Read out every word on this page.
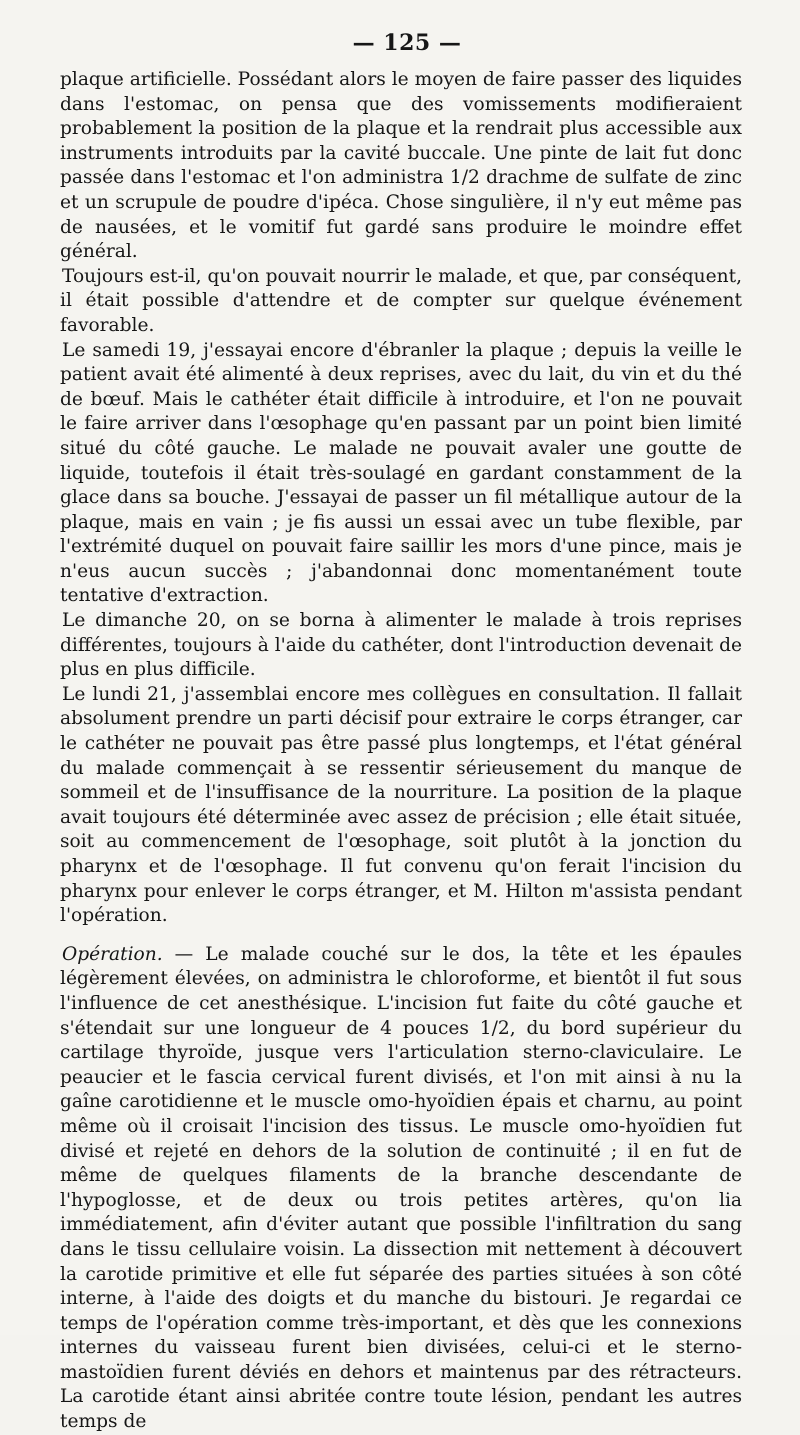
— 125 —

plaque artificielle. Possédant alors le moyen de faire passer des liquides dans l'estomac, on pensa que des vomissements modifieraient probablement la position de la plaque et la rendrait plus accessible aux instruments introduits par la cavité buccale. Une pinte de lait fut donc passée dans l'estomac et l'on administra 1/2 drachme de sulfate de zinc et un scrupule de poudre d'ipéca. Chose singulière, il n'y eut même pas de nausées, et le vomitif fut gardé sans produire le moindre effet général.

Toujours est-il, qu'on pouvait nourrir le malade, et que, par conséquent, il était possible d'attendre et de compter sur quelque événement favorable.

Le samedi 19, j'essayai encore d'ébranler la plaque ; depuis la veille le patient avait été alimenté à deux reprises, avec du lait, du vin et du thé de bœuf. Mais le cathéter était difficile à introduire, et l'on ne pouvait le faire arriver dans l'œsophage qu'en passant par un point bien limité situé du côté gauche. Le malade ne pouvait avaler une goutte de liquide, toutefois il était très-soulagé en gardant constamment de la glace dans sa bouche. J'essayai de passer un fil métallique autour de la plaque, mais en vain ; je fis aussi un essai avec un tube flexible, par l'extrémité duquel on pouvait faire saillir les mors d'une pince, mais je n'eus aucun succès ; j'abandonnai donc momentanément toute tentative d'extraction.

Le dimanche 20, on se borna à alimenter le malade à trois reprises différentes, toujours à l'aide du cathéter, dont l'introduction devenait de plus en plus difficile.

Le lundi 21, j'assemblai encore mes collègues en consultation. Il fallait absolument prendre un parti décisif pour extraire le corps étranger, car le cathéter ne pouvait pas être passé plus longtemps, et l'état général du malade commençait à se ressentir sérieusement du manque de sommeil et de l'insuffisance de la nourriture. La position de la plaque avait toujours été déterminée avec assez de précision ; elle était située, soit au commencement de l'œsophage, soit plutôt à la jonction du pharynx et de l'œsophage. Il fut convenu qu'on ferait l'incision du pharynx pour enlever le corps étranger, et M. Hilton m'assista pendant l'opération.

Opération. — Le malade couché sur le dos, la tête et les épaules légèrement élevées, on administra le chloroforme, et bientôt il fut sous l'influence de cet anesthésique. L'incision fut faite du côté gauche et s'étendait sur une longueur de 4 pouces 1/2, du bord supérieur du cartilage thyroïde, jusque vers l'articulation sterno-claviculaire. Le peaucier et le fascia cervical furent divisés, et l'on mit ainsi à nu la gaîne carotidienne et le muscle omo-hyoïdien épais et charnu, au point même où il croisait l'incision des tissus. Le muscle omo-hyoïdien fut divisé et rejeté en dehors de la solution de continuité ; il en fut de même de quelques filaments de la branche descendante de l'hypoglosse, et de deux ou trois petites artères, qu'on lia immédiatement, afin d'éviter autant que possible l'infiltration du sang dans le tissu cellulaire voisin. La dissection mit nettement à découvert la carotide primitive et elle fut séparée des parties situées à son côté interne, à l'aide des doigts et du manche du bistouri. Je regardai ce temps de l'opération comme très-important, et dès que les connexions internes du vaisseau furent bien divisées, celui-ci et le sterno-mastoïdien furent déviés en dehors et maintenus par des rétracteurs. La carotide étant ainsi abritée contre toute lésion, pendant les autres temps de
